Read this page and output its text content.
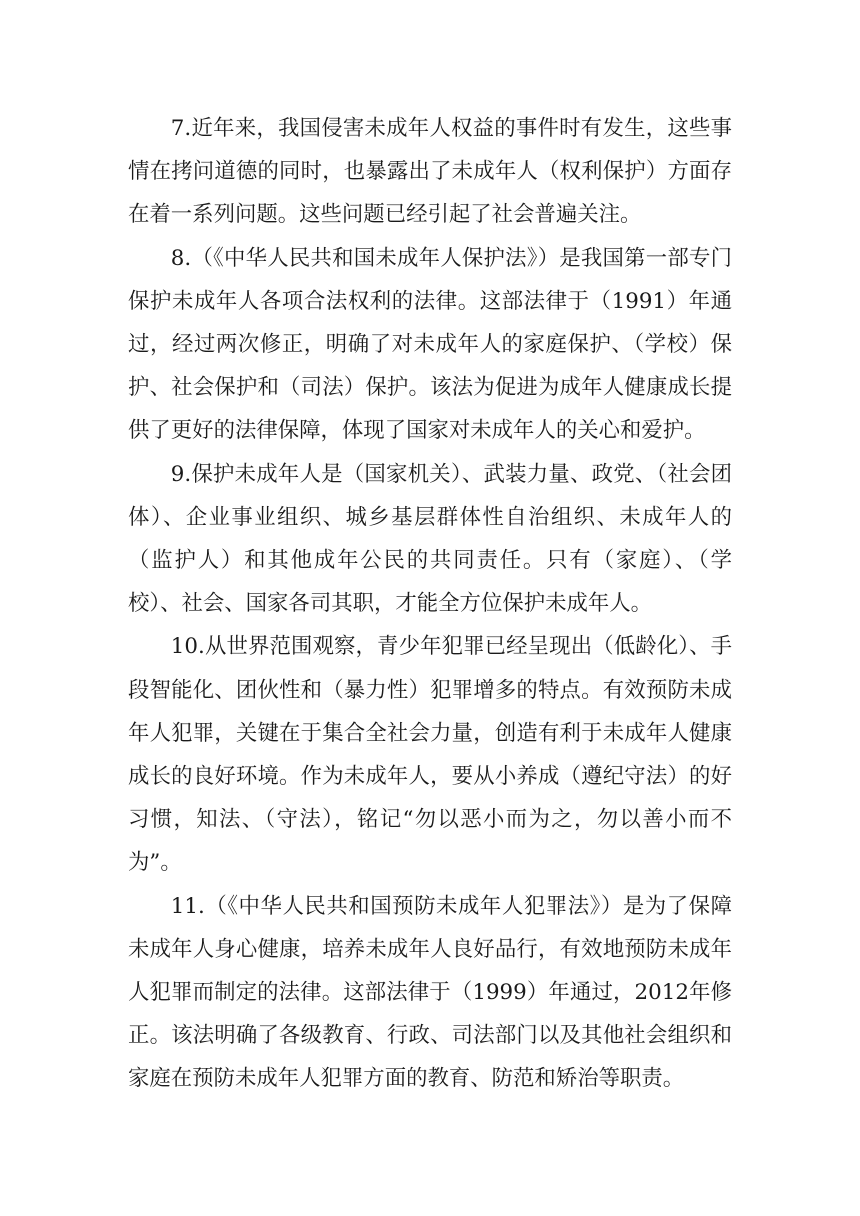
7.近年来，我国侵害未成年人权益的事件时有发生，这些事情在拷问道德的同时，也暴露出了未成年人（权利保护）方面存在着一系列问题。这些问题已经引起了社会普遍关注。

8.（《中华人民共和国未成年人保护法》）是我国第一部专门保护未成年人各项合法权利的法律。这部法律于（1991）年通过，经过两次修正，明确了对未成年人的家庭保护、（学校）保护、社会保护和（司法）保护。该法为促进为成年人健康成长提供了更好的法律保障，体现了国家对未成年人的关心和爱护。

9.保护未成年人是（国家机关）、武装力量、政党、（社会团体）、企业事业组织、城乡基层群体性自治组织、未成年人的（监护人）和其他成年公民的共同责任。只有（家庭）、（学校）、社会、国家各司其职，才能全方位保护未成年人。

10.从世界范围观察，青少年犯罪已经呈现出（低龄化）、手段智能化、团伙性和（暴力性）犯罪增多的特点。有效预防未成年人犯罪，关键在于集合全社会力量，创造有利于未成年人健康成长的良好环境。作为未成年人，要从小养成（遵纪守法）的好习惯，知法、（守法），铭记“勿以恶小而为之，勿以善小而不为”。

11.（《中华人民共和国预防未成年人犯罪法》）是为了保障未成年人身心健康，培养未成年人良好品行，有效地预防未成年人犯罪而制定的法律。这部法律于（1999）年通过，2012年修正。该法明确了各级教育、行政、司法部门以及其他社会组织和家庭在预防未成年人犯罪方面的教育、防范和矫治等职责。
